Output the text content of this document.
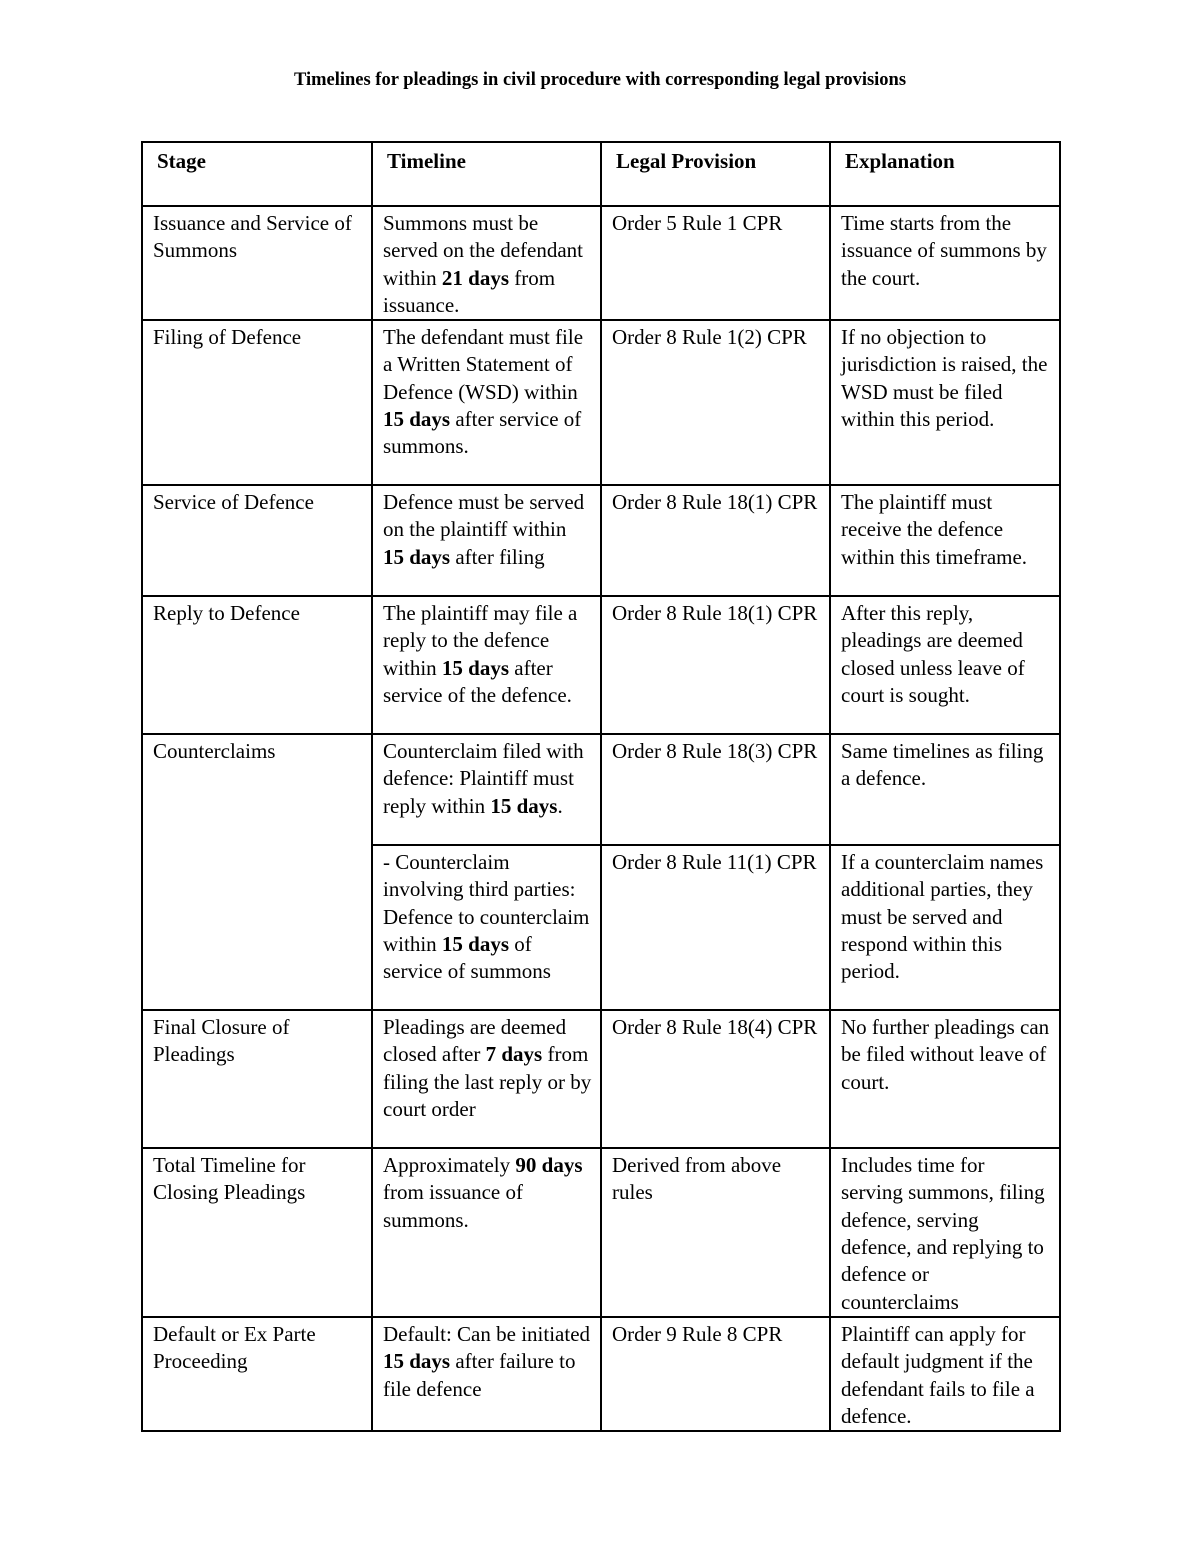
Timelines for pleadings in civil procedure with corresponding legal provisions
Stage	Timeline	Legal Provision	Explanation
Issuance and Service of Summons	Summons must be served on the defendant within 21 days from issuance.	Order 5 Rule 1 CPR	Time starts from the issuance of summons by the court.
Filing of Defence	The defendant must file a Written Statement of Defence (WSD) within 15 days after service of summons.	Order 8 Rule 1(2) CPR	If no objection to jurisdiction is raised, the WSD must be filed within this period.
Service of Defence	Defence must be served on the plaintiff within 15 days after filing	Order 8 Rule 18(1) CPR	The plaintiff must receive the defence within this timeframe.
Reply to Defence	The plaintiff may file a reply to the defence within 15 days after service of the defence.	Order 8 Rule 18(1) CPR	After this reply, pleadings are deemed closed unless leave of court is sought.
Counterclaims	Counterclaim filed with defence: Plaintiff must reply within 15 days.	Order 8 Rule 18(3) CPR	Same timelines as filing a defence.
	- Counterclaim involving third parties: Defence to counterclaim within 15 days of service of summons	Order 8 Rule 11(1) CPR	If a counterclaim names additional parties, they must be served and respond within this period.
Final Closure of Pleadings	Pleadings are deemed closed after 7 days from filing the last reply or by court order	Order 8 Rule 18(4) CPR	No further pleadings can be filed without leave of court.
Total Timeline for Closing Pleadings	Approximately 90 days from issuance of summons.	Derived from above rules	Includes time for serving summons, filing defence, serving defence, and replying to defence or counterclaims
Default or Ex Parte Proceeding	Default: Can be initiated 15 days after failure to file defence	Order 9 Rule 8 CPR	Plaintiff can apply for default judgment if the defendant fails to file a defence.
